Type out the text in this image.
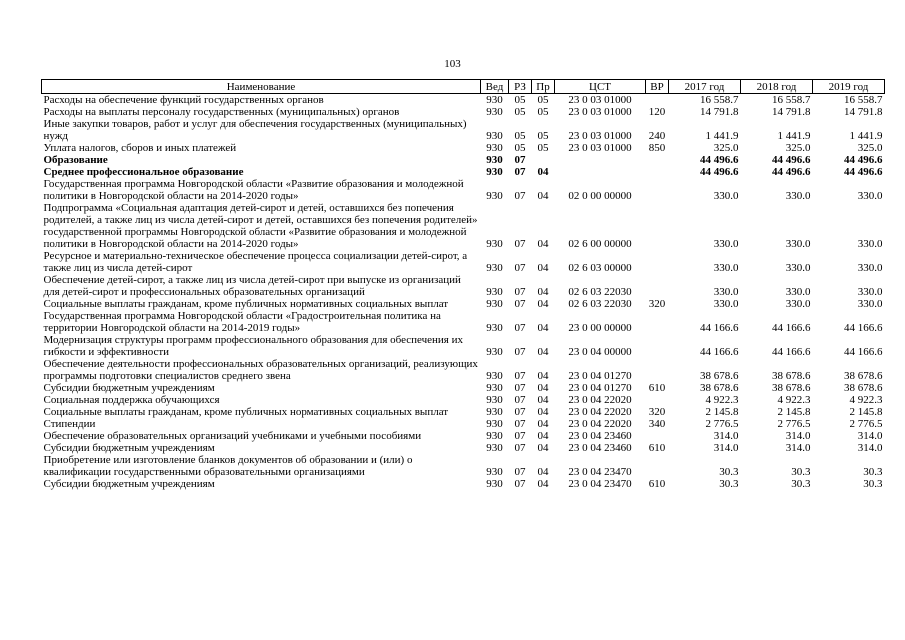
103
Наименование	Вед	РЗ	Пр	ЦСТ	ВР	2017 год	2018 год	2019 год
Расходы на обеспечение функций государственных органов	930	05	05	23 0 03 01000		16 558.7	16 558.7	16 558.7
Расходы на выплаты персоналу государственных (муниципальных) органов	930	05	05	23 0 03 01000	120	14 791.8	14 791.8	14 791.8
Иные закупки товаров, работ и услуг для обеспечения государственных (муниципальных) нужд	930	05	05	23 0 03 01000	240	1 441.9	1 441.9	1 441.9
Уплата налогов, сборов и иных платежей	930	05	05	23 0 03 01000	850	325.0	325.0	325.0
Образование	930	07				44 496.6	44 496.6	44 496.6
Среднее профессиональное образование	930	07	04			44 496.6	44 496.6	44 496.6
Государственная программа Новгородской области «Развитие образования и молодежной политики в Новгородской области на 2014-2020 годы»	930	07	04	02 0 00 00000		330.0	330.0	330.0
Подпрограмма «Социальная адаптация детей-сирот и детей, оставшихся без попечения родителей, а также лиц из числа детей-сирот и детей, оставшихся без попечения родителей» государственной программы Новгородской области «Развитие образования и молодежной политики в Новгородской области на 2014-2020 годы»	930	07	04	02 6 00 00000		330.0	330.0	330.0
Ресурсное и материально-техническое обеспечение процесса социализации детей-сирот, а также лиц из числа детей-сирот	930	07	04	02 6 03 00000		330.0	330.0	330.0
Обеспечение детей-сирот, а также лиц из числа детей-сирот при выпуске из организаций для детей-сирот и профессиональных образовательных организаций	930	07	04	02 6 03 22030		330.0	330.0	330.0
Социальные выплаты гражданам, кроме публичных нормативных социальных выплат	930	07	04	02 6 03 22030	320	330.0	330.0	330.0
Государственная программа Новгородской области «Градостроительная политика на территории Новгородской области на 2014-2019 годы»	930	07	04	23 0 00 00000		44 166.6	44 166.6	44 166.6
Модернизация структуры программ профессионального образования для обеспечения их гибкости и эффективности	930	07	04	23 0 04 00000		44 166.6	44 166.6	44 166.6
Обеспечение деятельности профессиональных образовательных организаций, реализующих программы подготовки специалистов среднего звена	930	07	04	23 0 04 01270		38 678.6	38 678.6	38 678.6
Субсидии бюджетным учреждениям	930	07	04	23 0 04 01270	610	38 678.6	38 678.6	38 678.6
Социальная поддержка обучающихся	930	07	04	23 0 04 22020		4 922.3	4 922.3	4 922.3
Социальные выплаты гражданам, кроме публичных нормативных социальных выплат	930	07	04	23 0 04 22020	320	2 145.8	2 145.8	2 145.8
Стипендии	930	07	04	23 0 04 22020	340	2 776.5	2 776.5	2 776.5
Обеспечение образовательных организаций учебниками и учебными пособиями	930	07	04	23 0 04 23460		314.0	314.0	314.0
Субсидии бюджетным учреждениям	930	07	04	23 0 04 23460	610	314.0	314.0	314.0
Приобретение или изготовление бланков документов об образовании и (или) о квалификации государственными образовательными организациями	930	07	04	23 0 04 23470		30.3	30.3	30.3
Субсидии бюджетным учреждениям	930	07	04	23 0 04 23470	610	30.3	30.3	30.3
